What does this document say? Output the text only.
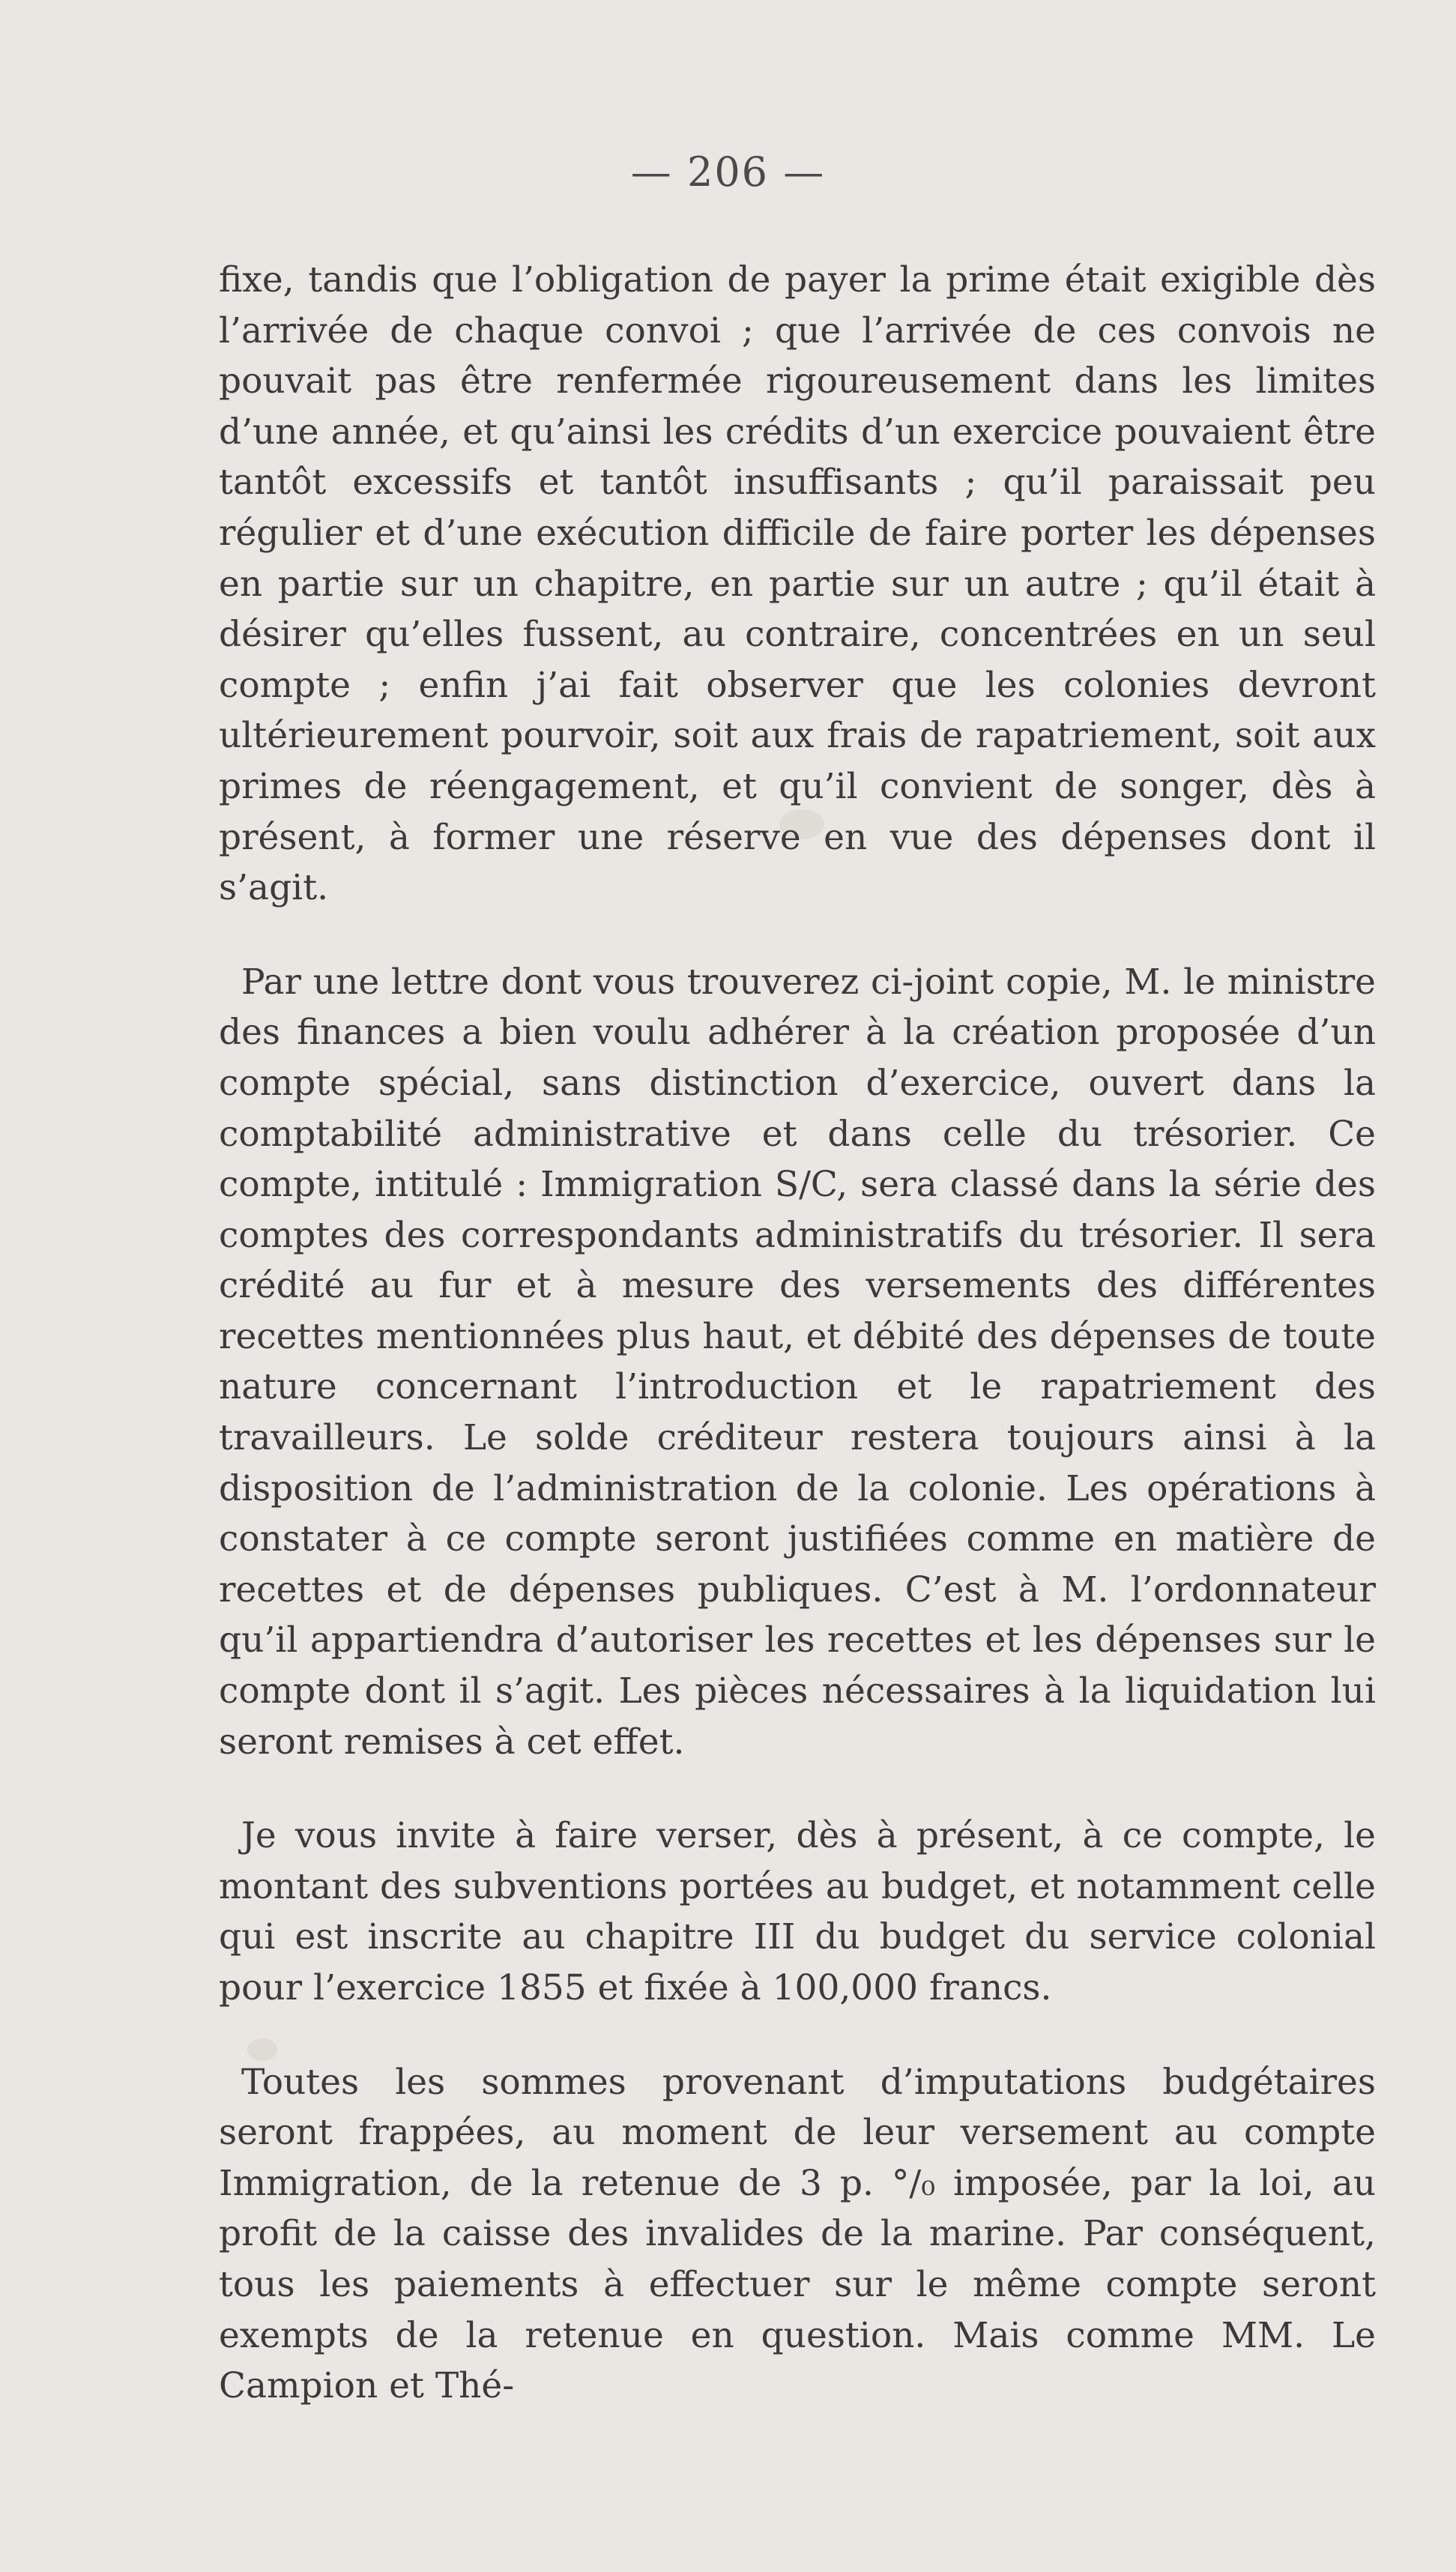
— 206 —

fixe, tandis que l’obligation de payer la prime était exigible dès l’arrivée de chaque convoi ; que l’arrivée de ces convois ne pouvait pas être renfermée rigoureusement dans les limites d’une année, et qu’ainsi les crédits d’un exercice pouvaient être tantôt excessifs et tantôt insuffisants ; qu’il paraissait peu régulier et d’une exécution difficile de faire porter les dépenses en partie sur un chapitre, en partie sur un autre ; qu’il était à désirer qu’elles fussent, au contraire, concentrées en un seul compte ; enfin j’ai fait observer que les colonies devront ultérieurement pourvoir, soit aux frais de rapatriement, soit aux primes de réengagement, et qu’il convient de songer, dès à présent, à former une réserve en vue des dépenses dont il s’agit.

Par une lettre dont vous trouverez ci-joint copie, M. le ministre des finances a bien voulu adhérer à la création proposée d’un compte spécial, sans distinction d’exercice, ouvert dans la comptabilité administrative et dans celle du trésorier. Ce compte, intitulé : Immigration S/C, sera classé dans la série des comptes des correspondants administratifs du trésorier. Il sera crédité au fur et à mesure des versements des différentes recettes mentionnées plus haut, et débité des dépenses de toute nature concernant l’introduction et le rapatriement des travailleurs. Le solde créditeur restera toujours ainsi à la disposition de l’administration de la colonie. Les opérations à constater à ce compte seront justifiées comme en matière de recettes et de dépenses publiques. C’est à M. l’ordonnateur qu’il appartiendra d’autoriser les recettes et les dépenses sur le compte dont il s’agit. Les pièces nécessaires à la liquidation lui seront remises à cet effet.

Je vous invite à faire verser, dès à présent, à ce compte, le montant des subventions portées au budget, et notamment celle qui est inscrite au chapitre III du budget du service colonial pour l’exercice 1855 et fixée à 100,000 francs.

Toutes les sommes provenant d’imputations budgétaires seront frappées, au moment de leur versement au compte Immigration, de la retenue de 3 p. °/₀ imposée, par la loi, au profit de la caisse des invalides de la marine. Par conséquent, tous les paiements à effectuer sur le même compte seront exempts de la retenue en question. Mais comme MM. Le Campion et Thé-
